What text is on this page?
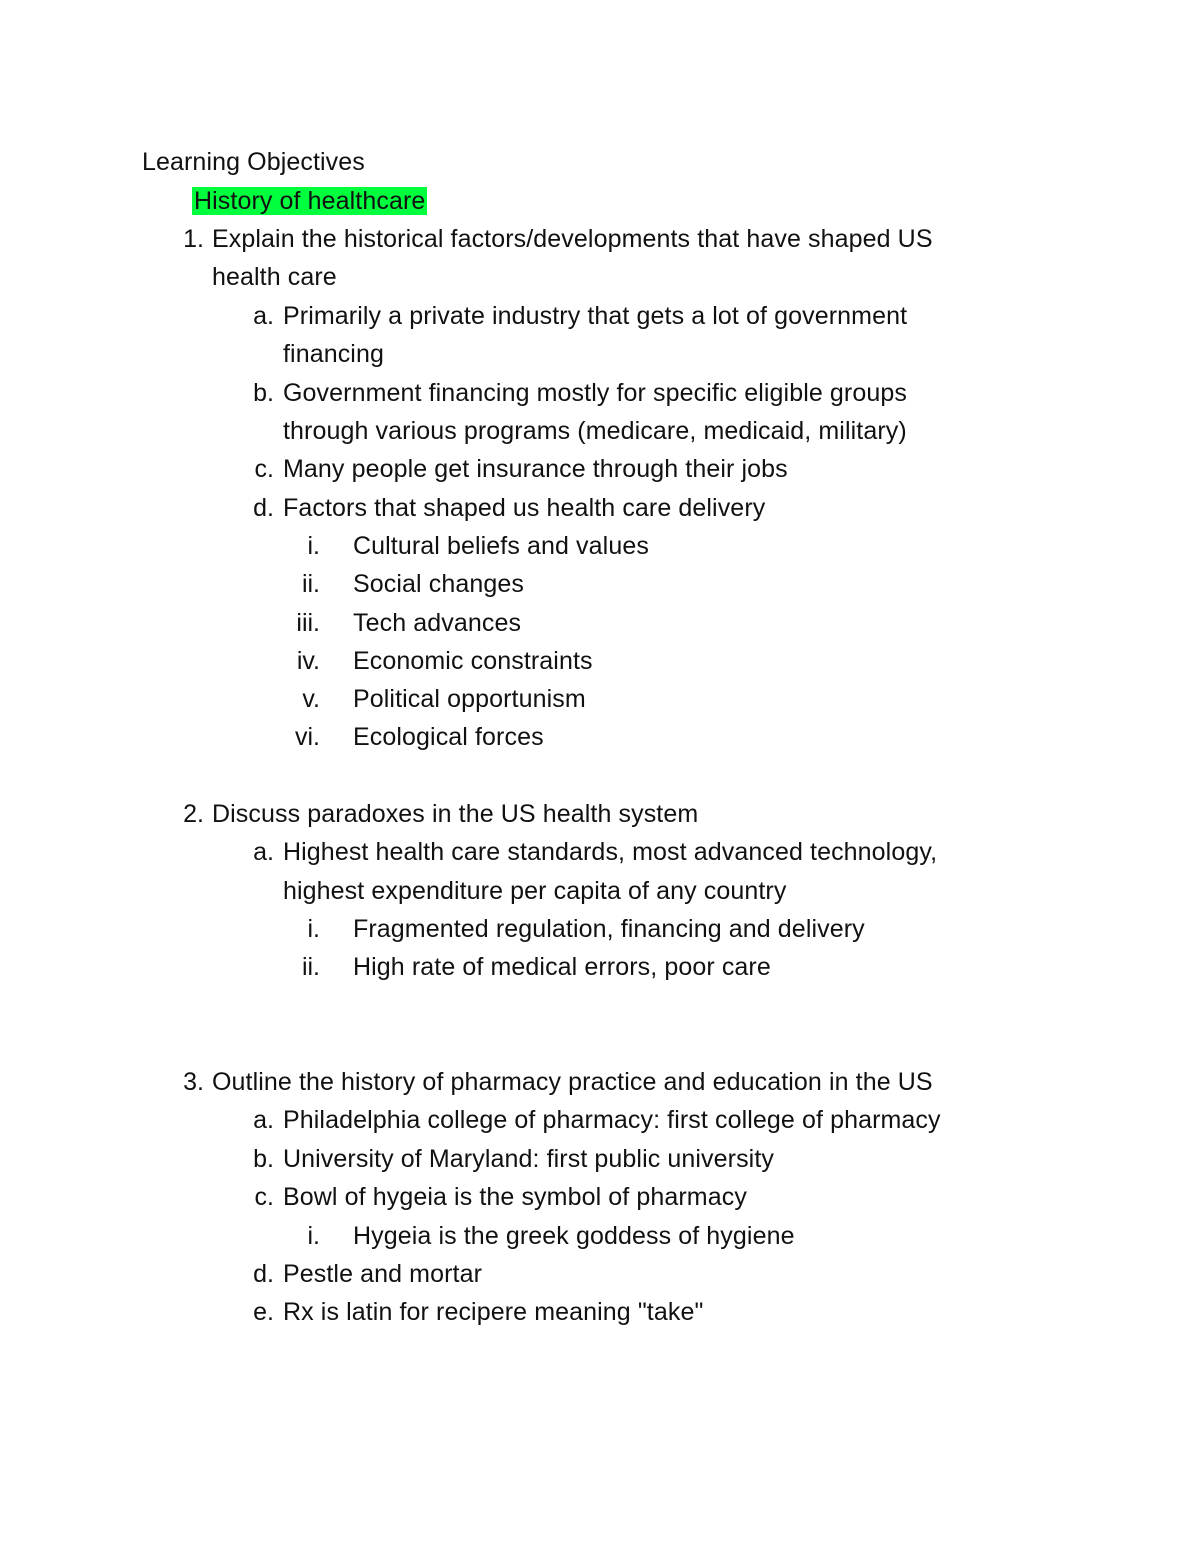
Learning Objectives
History of healthcare
1. Explain the historical factors/developments that have shaped US
health care
a. Primarily a private industry that gets a lot of government
financing
b. Government financing mostly for specific eligible groups
through various programs (medicare, medicaid, military)
c. Many people get insurance through their jobs
d. Factors that shaped us health care delivery
i. Cultural beliefs and values
ii. Social changes
iii. Tech advances
iv. Economic constraints
v. Political opportunism
vi. Ecological forces
2. Discuss paradoxes in the US health system
a. Highest health care standards, most advanced technology,
highest expenditure per capita of any country
i. Fragmented regulation, financing and delivery
ii. High rate of medical errors, poor care
3. Outline the history of pharmacy practice and education in the US
a. Philadelphia college of pharmacy: first college of pharmacy
b. University of Maryland: first public university
c. Bowl of hygeia is the symbol of pharmacy
i. Hygeia is the greek goddess of hygiene
d. Pestle and mortar
e. Rx is latin for recipere meaning "take"
